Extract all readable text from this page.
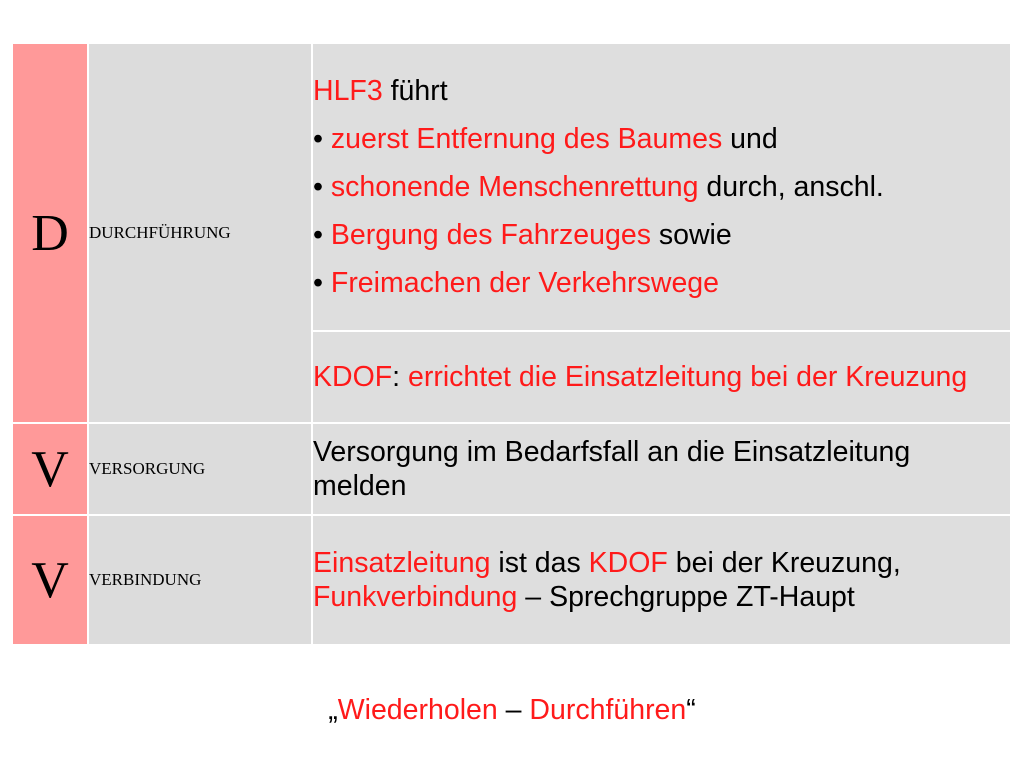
D	DURCHFÜHRUNG	HLF3 führt
• zuerst Entfernung des Baumes und
• schonende Menschenrettung durch, anschl.
• Bergung des Fahrzeuges sowie
• Freimachen der Verkehrswege

		KDOF: errichtet die Einsatzleitung bei der Kreuzung
V	VERSORGUNG	Versorgung im Bedarfsfall an die Einsatzleitung melden
V	VERBINDUNG	Einsatzleitung ist das KDOF bei der Kreuzung,
Funkverbindung – Sprechgruppe ZT-Haupt
„Wiederholen – Durchführen“
